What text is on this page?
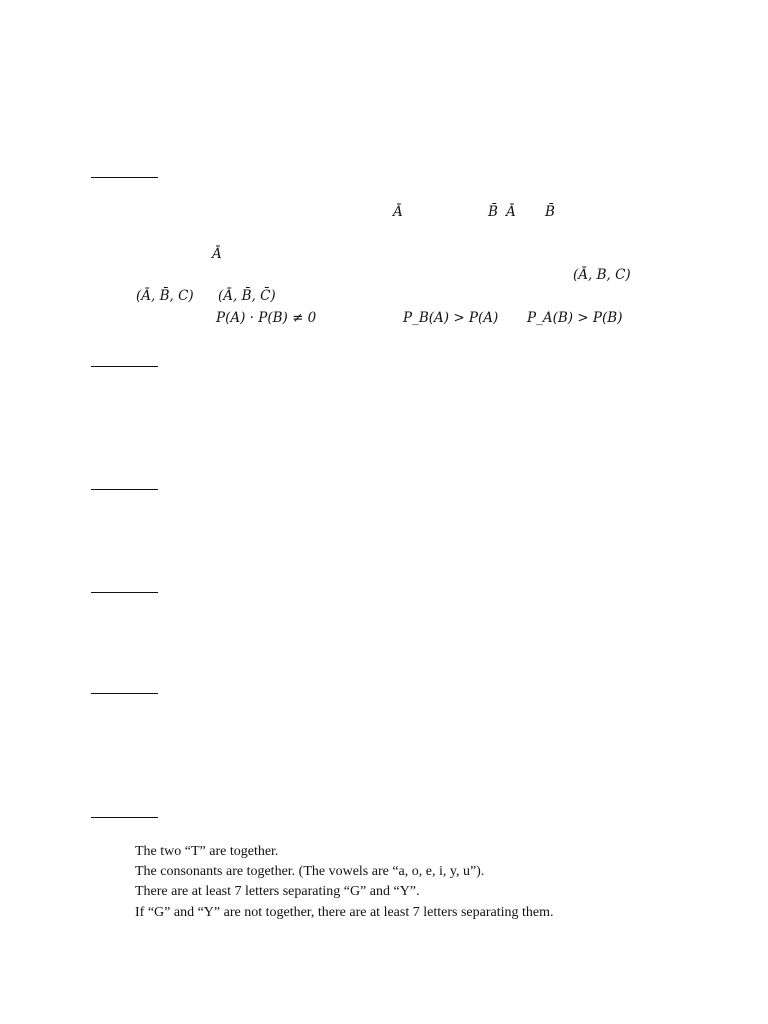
Ā	B̄ Ā B̄
Ā
(Ā, B, C)
(Ā, B̄, C) (Ā, B̄, C̄)
P(A) · P(B) ≠ 0	P_B(A) > P(A) P_A(B) > P(B)
The two “T” are together.
The consonants are together. (The vowels are “a, o, e, i, y, u”).
There are at least 7 letters separating “G” and “Y”.
If “G” and “Y” are not together, there are at least 7 letters separating them.
